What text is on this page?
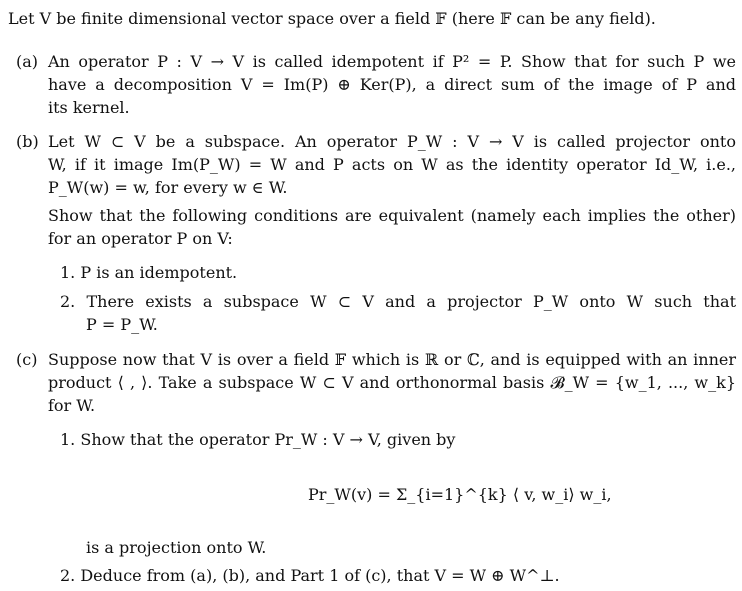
Let V be finite dimensional vector space over a field 𝔽 (here 𝔽 can be any field).
(a) An operator P : V → V is called idempotent if P² = P. Show that for such P we
have a decomposition V = Im(P) ⊕ Ker(P), a direct sum of the image of P and
its kernel.
(b) Let W ⊂ V be a subspace. An operator P_W : V → V is called projector onto
W, if it image Im(P_W) = W and P acts on W as the identity operator Id_W, i.e.,
P_W(w) = w, for every w ∈ W.
Show that the following conditions are equivalent (namely each implies the other)
for an operator P on V:
1. P is an idempotent.
2. There exists a subspace W ⊂ V and a projector P_W onto W such that
P = P_W.
(c) Suppose now that V is over a field 𝔽 which is ℝ or ℂ, and is equipped with an inner
product ⟨ , ⟩. Take a subspace W ⊂ V and orthonormal basis 𝓑_W = {w_1, ..., w_k}
for W.
1. Show that the operator Pr_W : V → V, given by
Pr_W(v) = Σ_{i=1}^{k} ⟨ v, w_i⟩ w_i,
is a projection onto W.
2. Deduce from (a), (b), and Part 1 of (c), that V = W ⊕ W^⊥.
